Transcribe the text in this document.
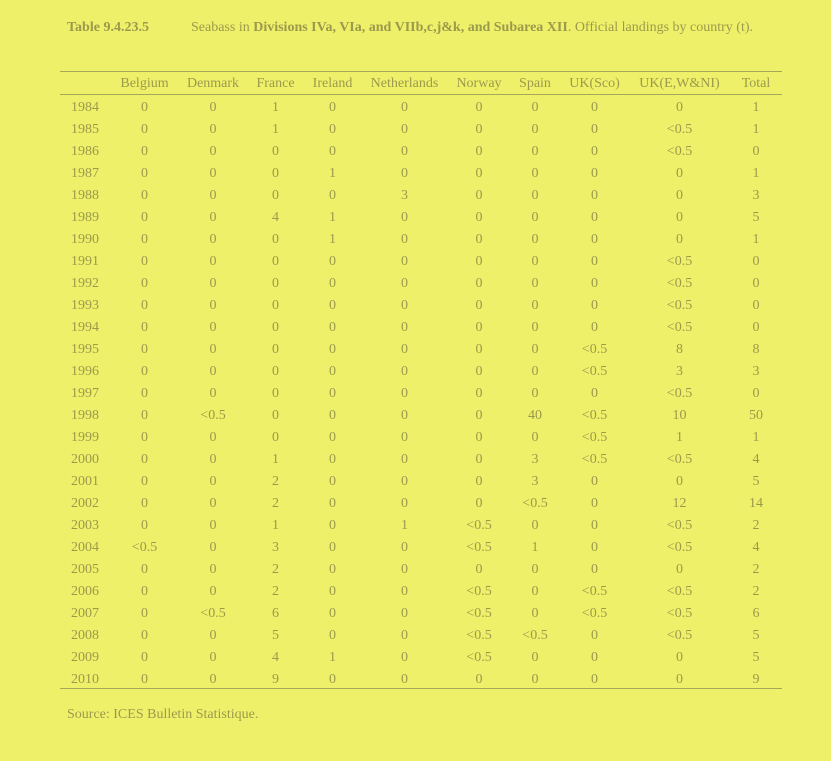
Table 9.4.23.5	Seabass in Divisions IVa, VIa, and VIIb,c,j&k, and Subarea XII. Official landings by country (t).
	Belgium	Denmark	France	Ireland	Netherlands	Norway	Spain	UK(Sco)	UK(E,W&NI)	Total
1984	0	0	1	0	0	0	0	0	0	1
1985	0	0	1	0	0	0	0	0	<0.5	1
1986	0	0	0	0	0	0	0	0	<0.5	0
1987	0	0	0	1	0	0	0	0	0	1
1988	0	0	0	0	3	0	0	0	0	3
1989	0	0	4	1	0	0	0	0	0	5
1990	0	0	0	1	0	0	0	0	0	1
1991	0	0	0	0	0	0	0	0	<0.5	0
1992	0	0	0	0	0	0	0	0	<0.5	0
1993	0	0	0	0	0	0	0	0	<0.5	0
1994	0	0	0	0	0	0	0	0	<0.5	0
1995	0	0	0	0	0	0	0	<0.5	8	8
1996	0	0	0	0	0	0	0	<0.5	3	3
1997	0	0	0	0	0	0	0	0	<0.5	0
1998	0	<0.5	0	0	0	0	40	<0.5	10	50
1999	0	0	0	0	0	0	0	<0.5	1	1
2000	0	0	1	0	0	0	3	<0.5	<0.5	4
2001	0	0	2	0	0	0	3	0	0	5
2002	0	0	2	0	0	0	<0.5	0	12	14
2003	0	0	1	0	1	<0.5	0	0	<0.5	2
2004	<0.5	0	3	0	0	<0.5	1	0	<0.5	4
2005	0	0	2	0	0	0	0	0	0	2
2006	0	0	2	0	0	<0.5	0	<0.5	<0.5	2
2007	0	<0.5	6	0	0	<0.5	0	<0.5	<0.5	6
2008	0	0	5	0	0	<0.5	<0.5	0	<0.5	5
2009	0	0	4	1	0	<0.5	0	0	0	5
2010	0	0	9	0	0	0	0	0	0	9
Source: ICES Bulletin Statistique.
